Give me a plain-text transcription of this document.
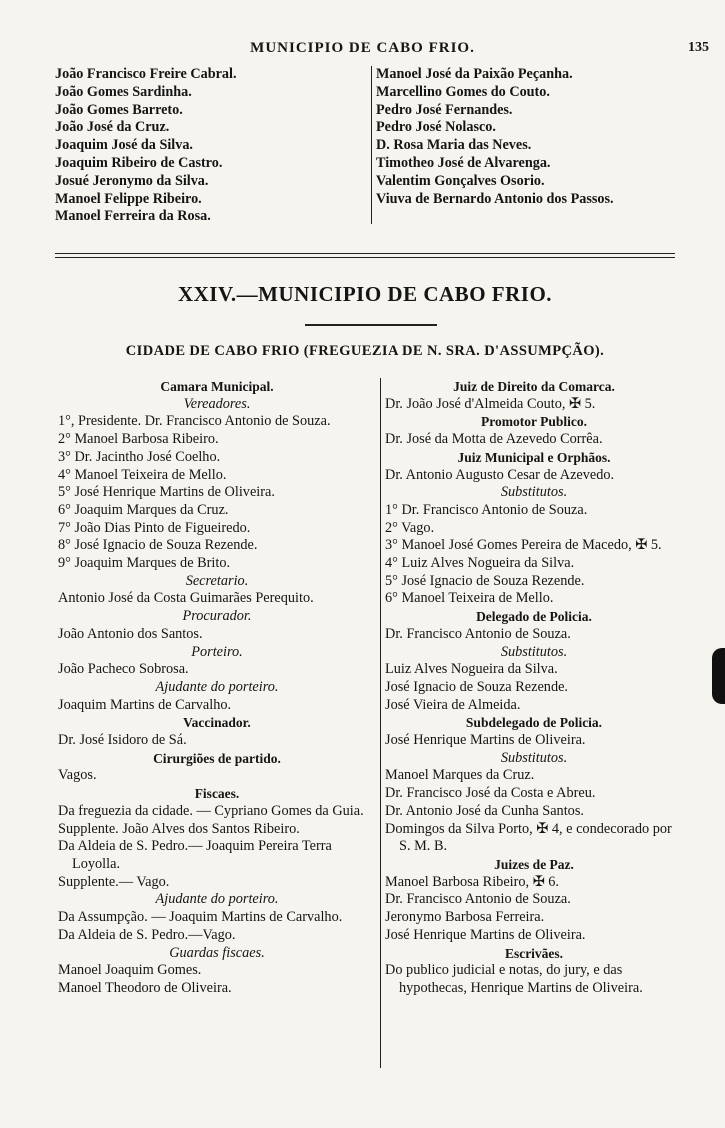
MUNICIPIO DE CABO FRIO.	135
João Francisco Freire Cabral.
João Gomes Sardinha.
João Gomes Barreto.
João José da Cruz.
Joaquim José da Silva.
Joaquim Ribeiro de Castro.
Josué Jeronymo da Silva.
Manoel Felippe Ribeiro.
Manoel Ferreira da Rosa.
Manoel José da Paixão Peçanha.
Marcellino Gomes do Couto.
Pedro José Fernandes.
Pedro José Nolasco.
D. Rosa Maria das Neves.
Timotheo José de Alvarenga.
Valentim Gonçalves Osorio.
Viuva de Bernardo Antonio dos Passos.
XXIV.—MUNICIPIO DE CABO FRIO.
CIDADE DE CABO FRIO (FREGUEZIA DE N. SRA. D'ASSUMPÇÃO).
Camara Municipal.
Vereadores.
1°, Presidente. Dr. Francisco Antonio de Souza.
2° Manoel Barbosa Ribeiro.
3° Dr. Jacintho José Coelho.
4° Manoel Teixeira de Mello.
5° José Henrique Martins de Oliveira.
6° Joaquim Marques da Cruz.
7° João Dias Pinto de Figueiredo.
8° José Ignacio de Souza Rezende.
9° Joaquim Marques de Brito.
Secretario.
Antonio José da Costa Guimarães Perequito.
Procurador.
João Antonio dos Santos.
Porteiro.
João Pacheco Sobrosa.
Ajudante do porteiro.
Joaquim Martins de Carvalho.
Vaccinador.
Dr. José Isidoro de Sá.
Cirurgiões de partido.
Vagos.
Fiscaes.
Da freguezia da cidade. — Cypriano Gomes da Guia.
Supplente. João Alves dos Santos Ribeiro.
Da Aldeia de S. Pedro.— Joaquim Pereira Terra Loyolla.
Supplente.— Vago.
Ajudante do porteiro.
Da Assumpção. — Joaquim Martins de Carvalho.
Da Aldeia de S. Pedro.—Vago.
Guardas fiscaes.
Manoel Joaquim Gomes.
Manoel Theodoro de Oliveira.
Juiz de Direito da Comarca.
Dr. João José d'Almeida Couto, ✠ 5.
Promotor Publico.
Dr. José da Motta de Azevedo Corrêa.
Juiz Municipal e Orphãos.
Dr. Antonio Augusto Cesar de Azevedo.
Substitutos.
1° Dr. Francisco Antonio de Souza.
2° Vago.
3° Manoel José Gomes Pereira de Macedo, ✠ 5.
4° Luiz Alves Nogueira da Silva.
5° José Ignacio de Souza Rezende.
6° Manoel Teixeira de Mello.
Delegado de Policia.
Dr. Francisco Antonio de Souza.
Substitutos.
Luiz Alves Nogueira da Silva.
José Ignacio de Souza Rezende.
José Vieira de Almeida.
Subdelegado de Policia.
José Henrique Martins de Oliveira.
Substitutos.
Manoel Marques da Cruz.
Dr. Francisco José da Costa e Abreu.
Dr. Antonio José da Cunha Santos.
Domingos da Silva Porto, ✠ 4, e condecorado por S. M. B.
Juizes de Paz.
Manoel Barbosa Ribeiro, ✠ 6.
Dr. Francisco Antonio de Souza.
Jeronymo Barbosa Ferreira.
José Henrique Martins de Oliveira.
Escrivães.
Do publico judicial e notas, do jury, e das hypothecas, Henrique Martins de Oliveira.
